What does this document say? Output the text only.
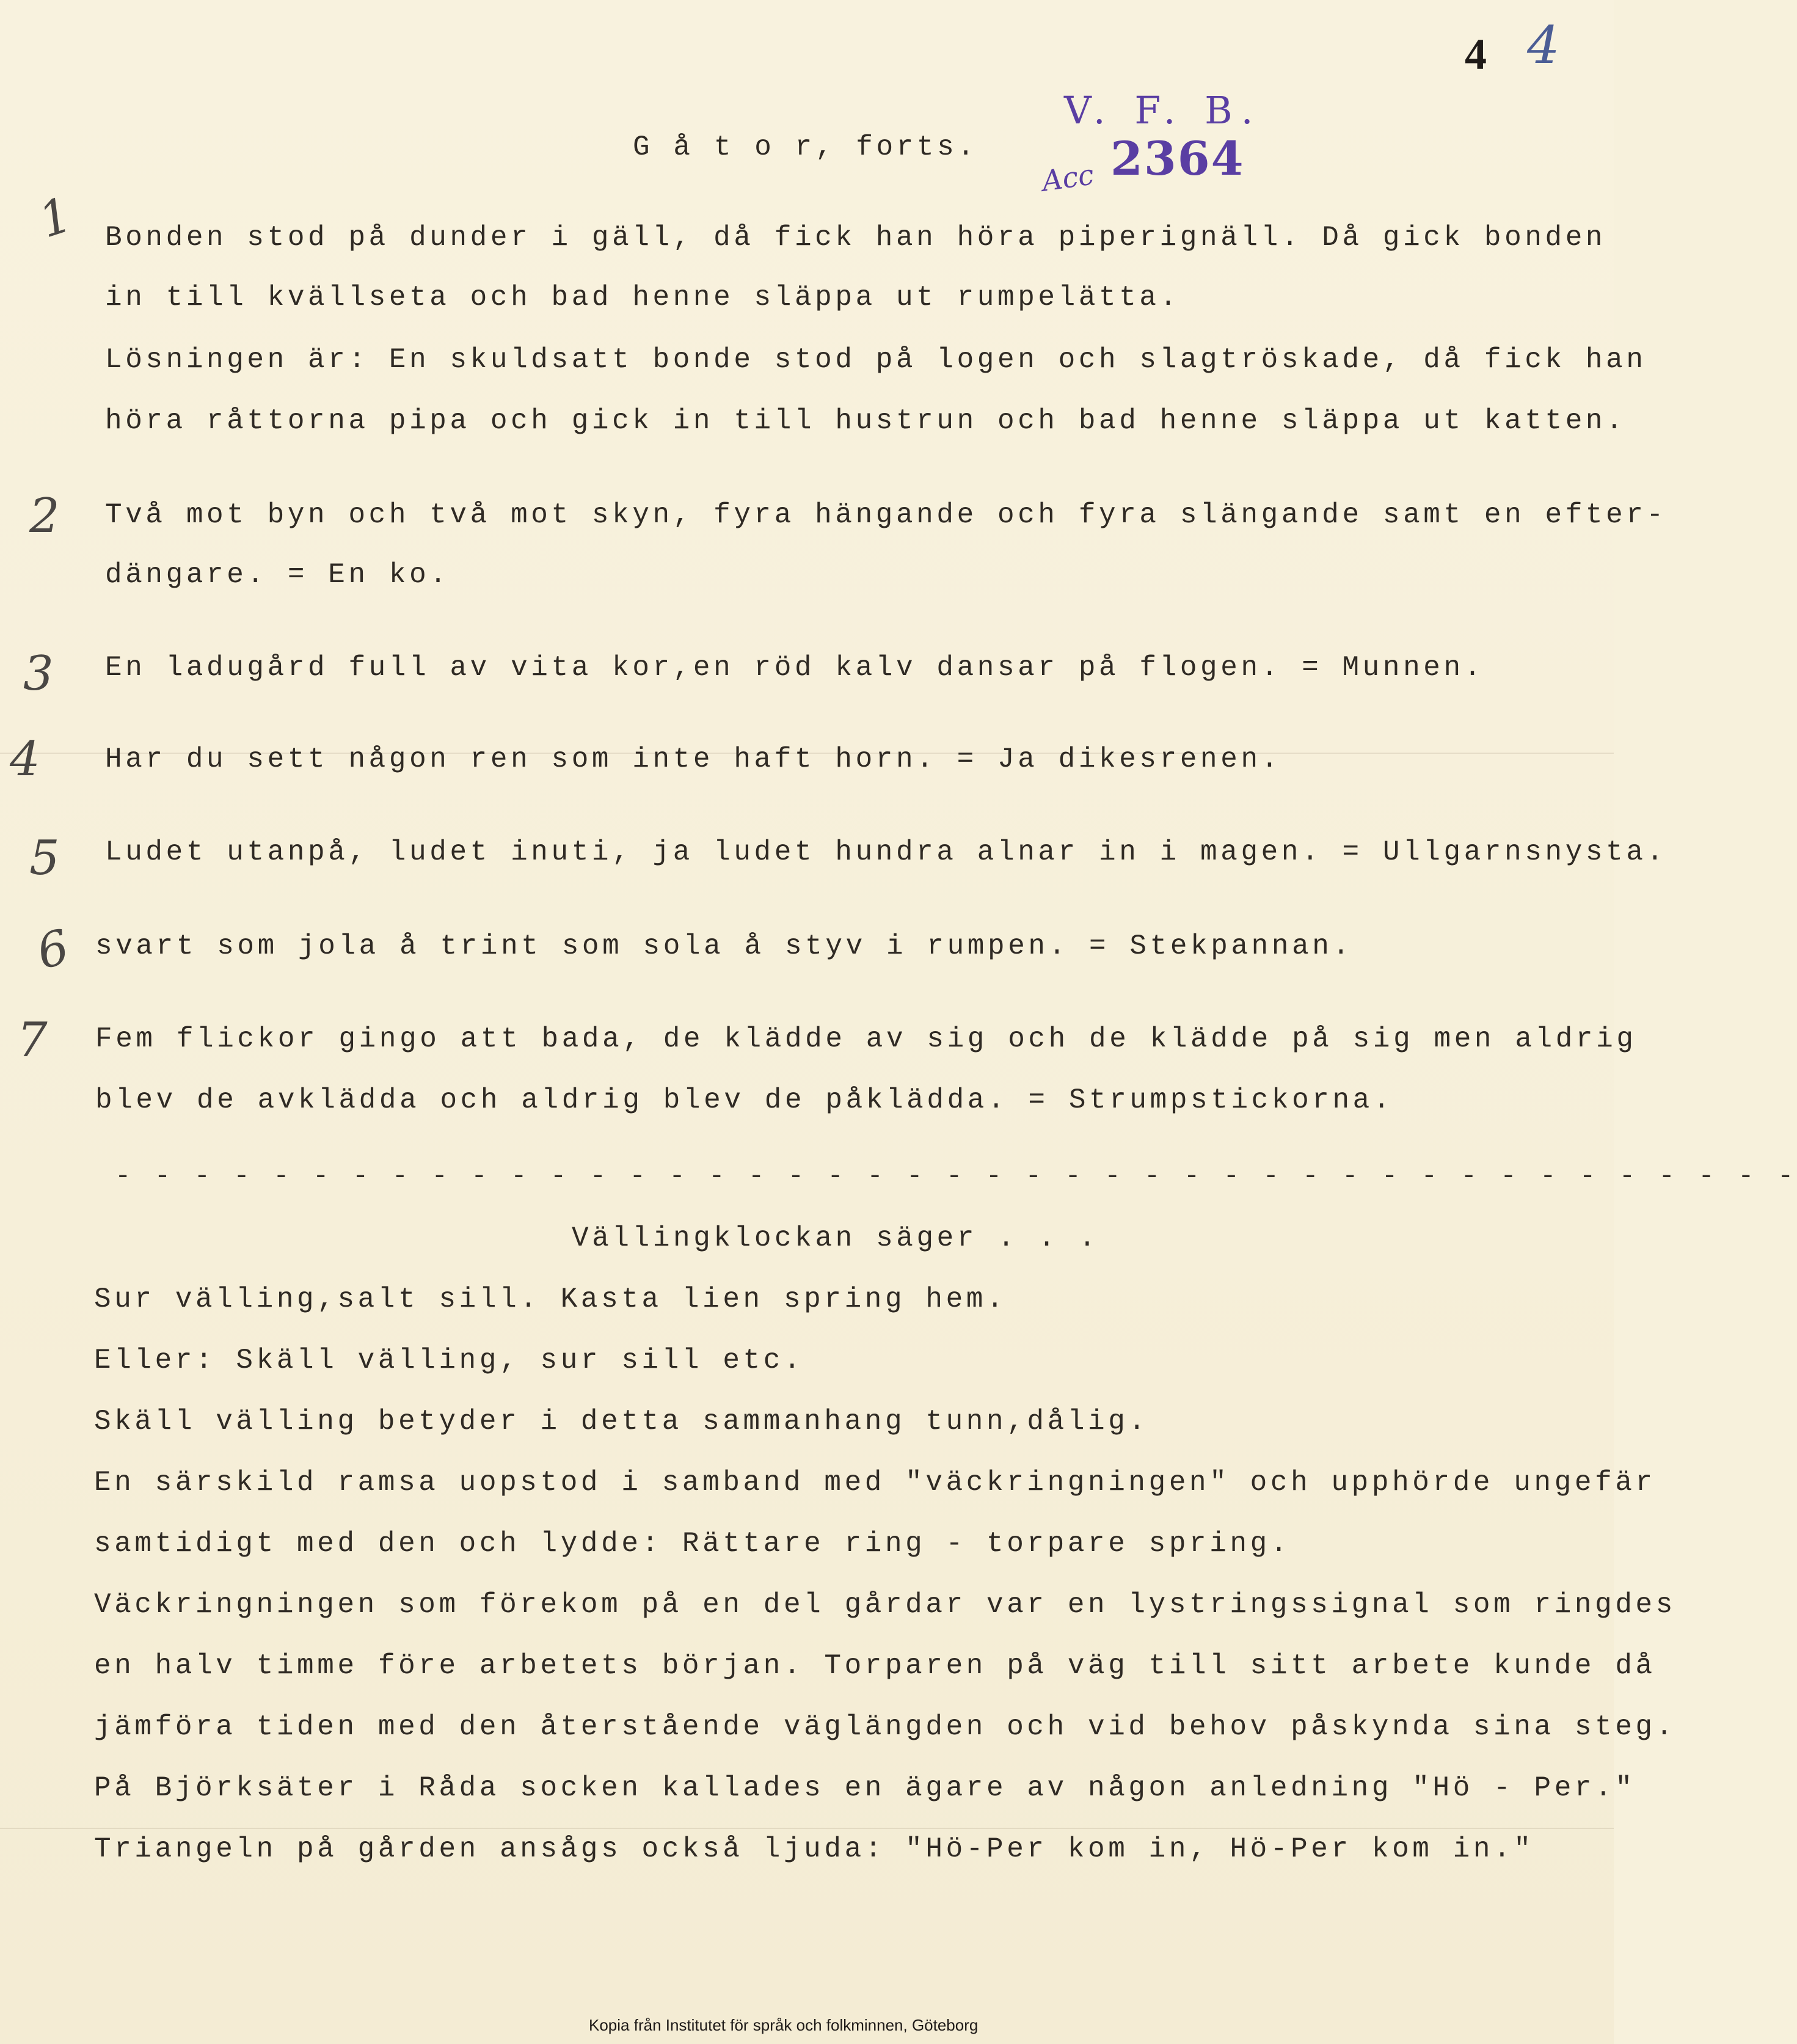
4 4
V. F. B.
Acc 2364
G å t o r, forts.
1 Bonden stod på dunder i gäll, då fick han höra piperignäll. Då gick bonden
in till kvällseta och bad henne släppa ut rumpelätta.
Lösningen är: En skuldsatt bonde stod på logen och slagtröskade, då fick han
höra råttorna pipa och gick in till hustrun och bad henne släppa ut katten.
2 Två mot byn och två mot skyn, fyra hängande och fyra slängande samt en efter-
dängare. = En ko.
3 En ladugård full av vita kor,en röd kalv dansar på flogen. = Munnen.
4 Har du sett någon ren som inte haft horn. = Ja dikesrenen.
5 Ludet utanpå, ludet inuti, ja ludet hundra alnar in i magen. = Ullgarnsnysta.
6 svart som jola å trint som sola å styv i rumpen. = Stekpannan.
7 Fem flickor gingo att bada, de klädde av sig och de klädde på sig men aldrig
blev de avklädda och aldrig blev de påklädda. = Strumpstickorna.
- - - - - - - - - - - - - - - - - - - - - - - - - - - - - - - - - - - - - - - - - - -
Vällingklockan säger . . .
Sur välling,salt sill. Kasta lien spring hem.
Eller: Skäll välling, sur sill etc.
Skäll välling betyder i detta sammanhang tunn,dålig.
En särskild ramsa uopstod i samband med "väckringningen" och upphörde ungefär
samtidigt med den och lydde: Rättare ring - torpare spring.
Väckringningen som förekom på en del gårdar var en lystringssignal som ringdes
en halv timme före arbetets början. Torparen på väg till sitt arbete kunde då
jämföra tiden med den återstående väglängden och vid behov påskynda sina steg.
På Björksäter i Råda socken kallades en ägare av någon anledning "Hö - Per."
Triangeln på gården ansågs också ljuda: "Hö-Per kom in, Hö-Per kom in."
Kopia från Institutet för språk och folkminnen, Göteborg
